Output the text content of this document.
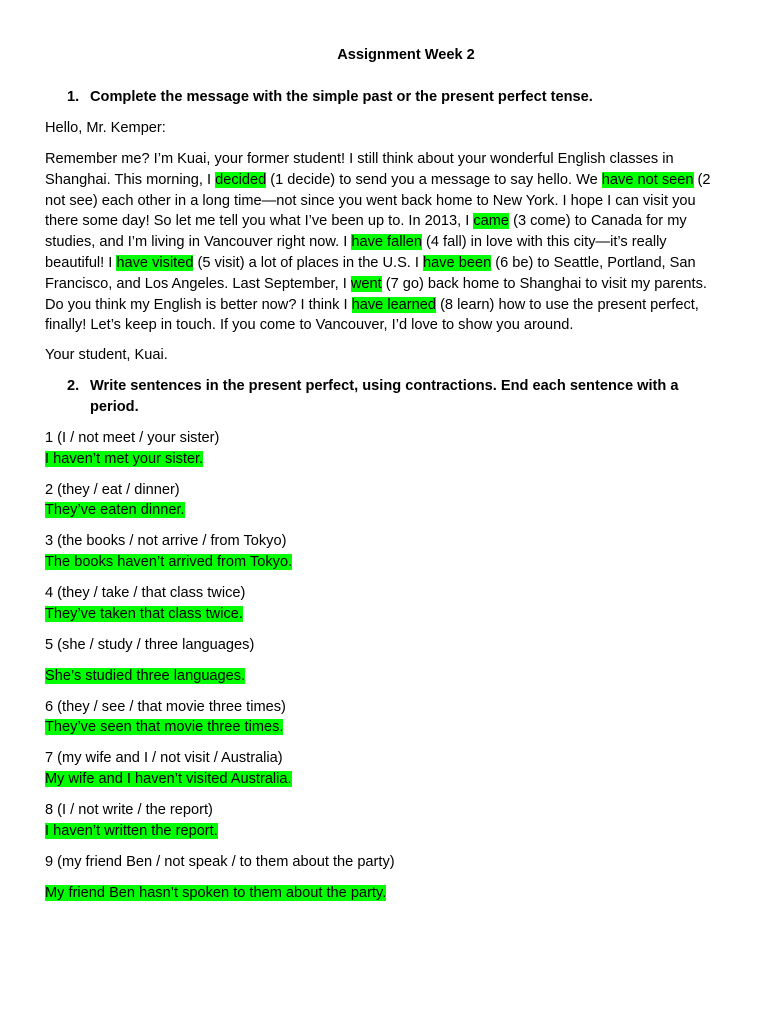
Assignment Week 2
1. Complete the message with the simple past or the present perfect tense.
Hello, Mr. Kemper:
Remember me? I’m Kuai, your former student! I still think about your wonderful English classes in Shanghai. This morning, I decided (1 decide) to send you a message to say hello. We have not seen (2 not see) each other in a long time—not since you went back home to New York. I hope I can visit you there some day! So let me tell you what I’ve been up to. In 2013, I came (3 come) to Canada for my studies, and I’m living in Vancouver right now. I have fallen (4 fall) in love with this city—it’s really beautiful! I have visited (5 visit) a lot of places in the U.S. I have been (6 be) to Seattle, Portland, San Francisco, and Los Angeles. Last September, I went (7 go) back home to Shanghai to visit my parents. Do you think my English is better now? I think I have learned (8 learn) how to use the present perfect, finally! Let’s keep in touch. If you come to Vancouver, I’d love to show you around.
Your student, Kuai.
2. Write sentences in the present perfect, using contractions. End each sentence with a period.
1 (I / not meet / your sister)
I haven’t met your sister.
2 (they / eat / dinner)
They’ve eaten dinner.
3 (the books / not arrive / from Tokyo)
The books haven’t arrived from Tokyo.
4 (they / take / that class twice)
They’ve taken that class twice.
5 (she / study / three languages)
She’s studied three languages.
6 (they / see / that movie three times)
They’ve seen that movie three times.
7 (my wife and I / not visit / Australia)
My wife and I haven’t visited Australia.
8 (I / not write / the report)
I haven’t written the report.
9 (my friend Ben / not speak / to them about the party)
My friend Ben hasn’t spoken to them about the party.
